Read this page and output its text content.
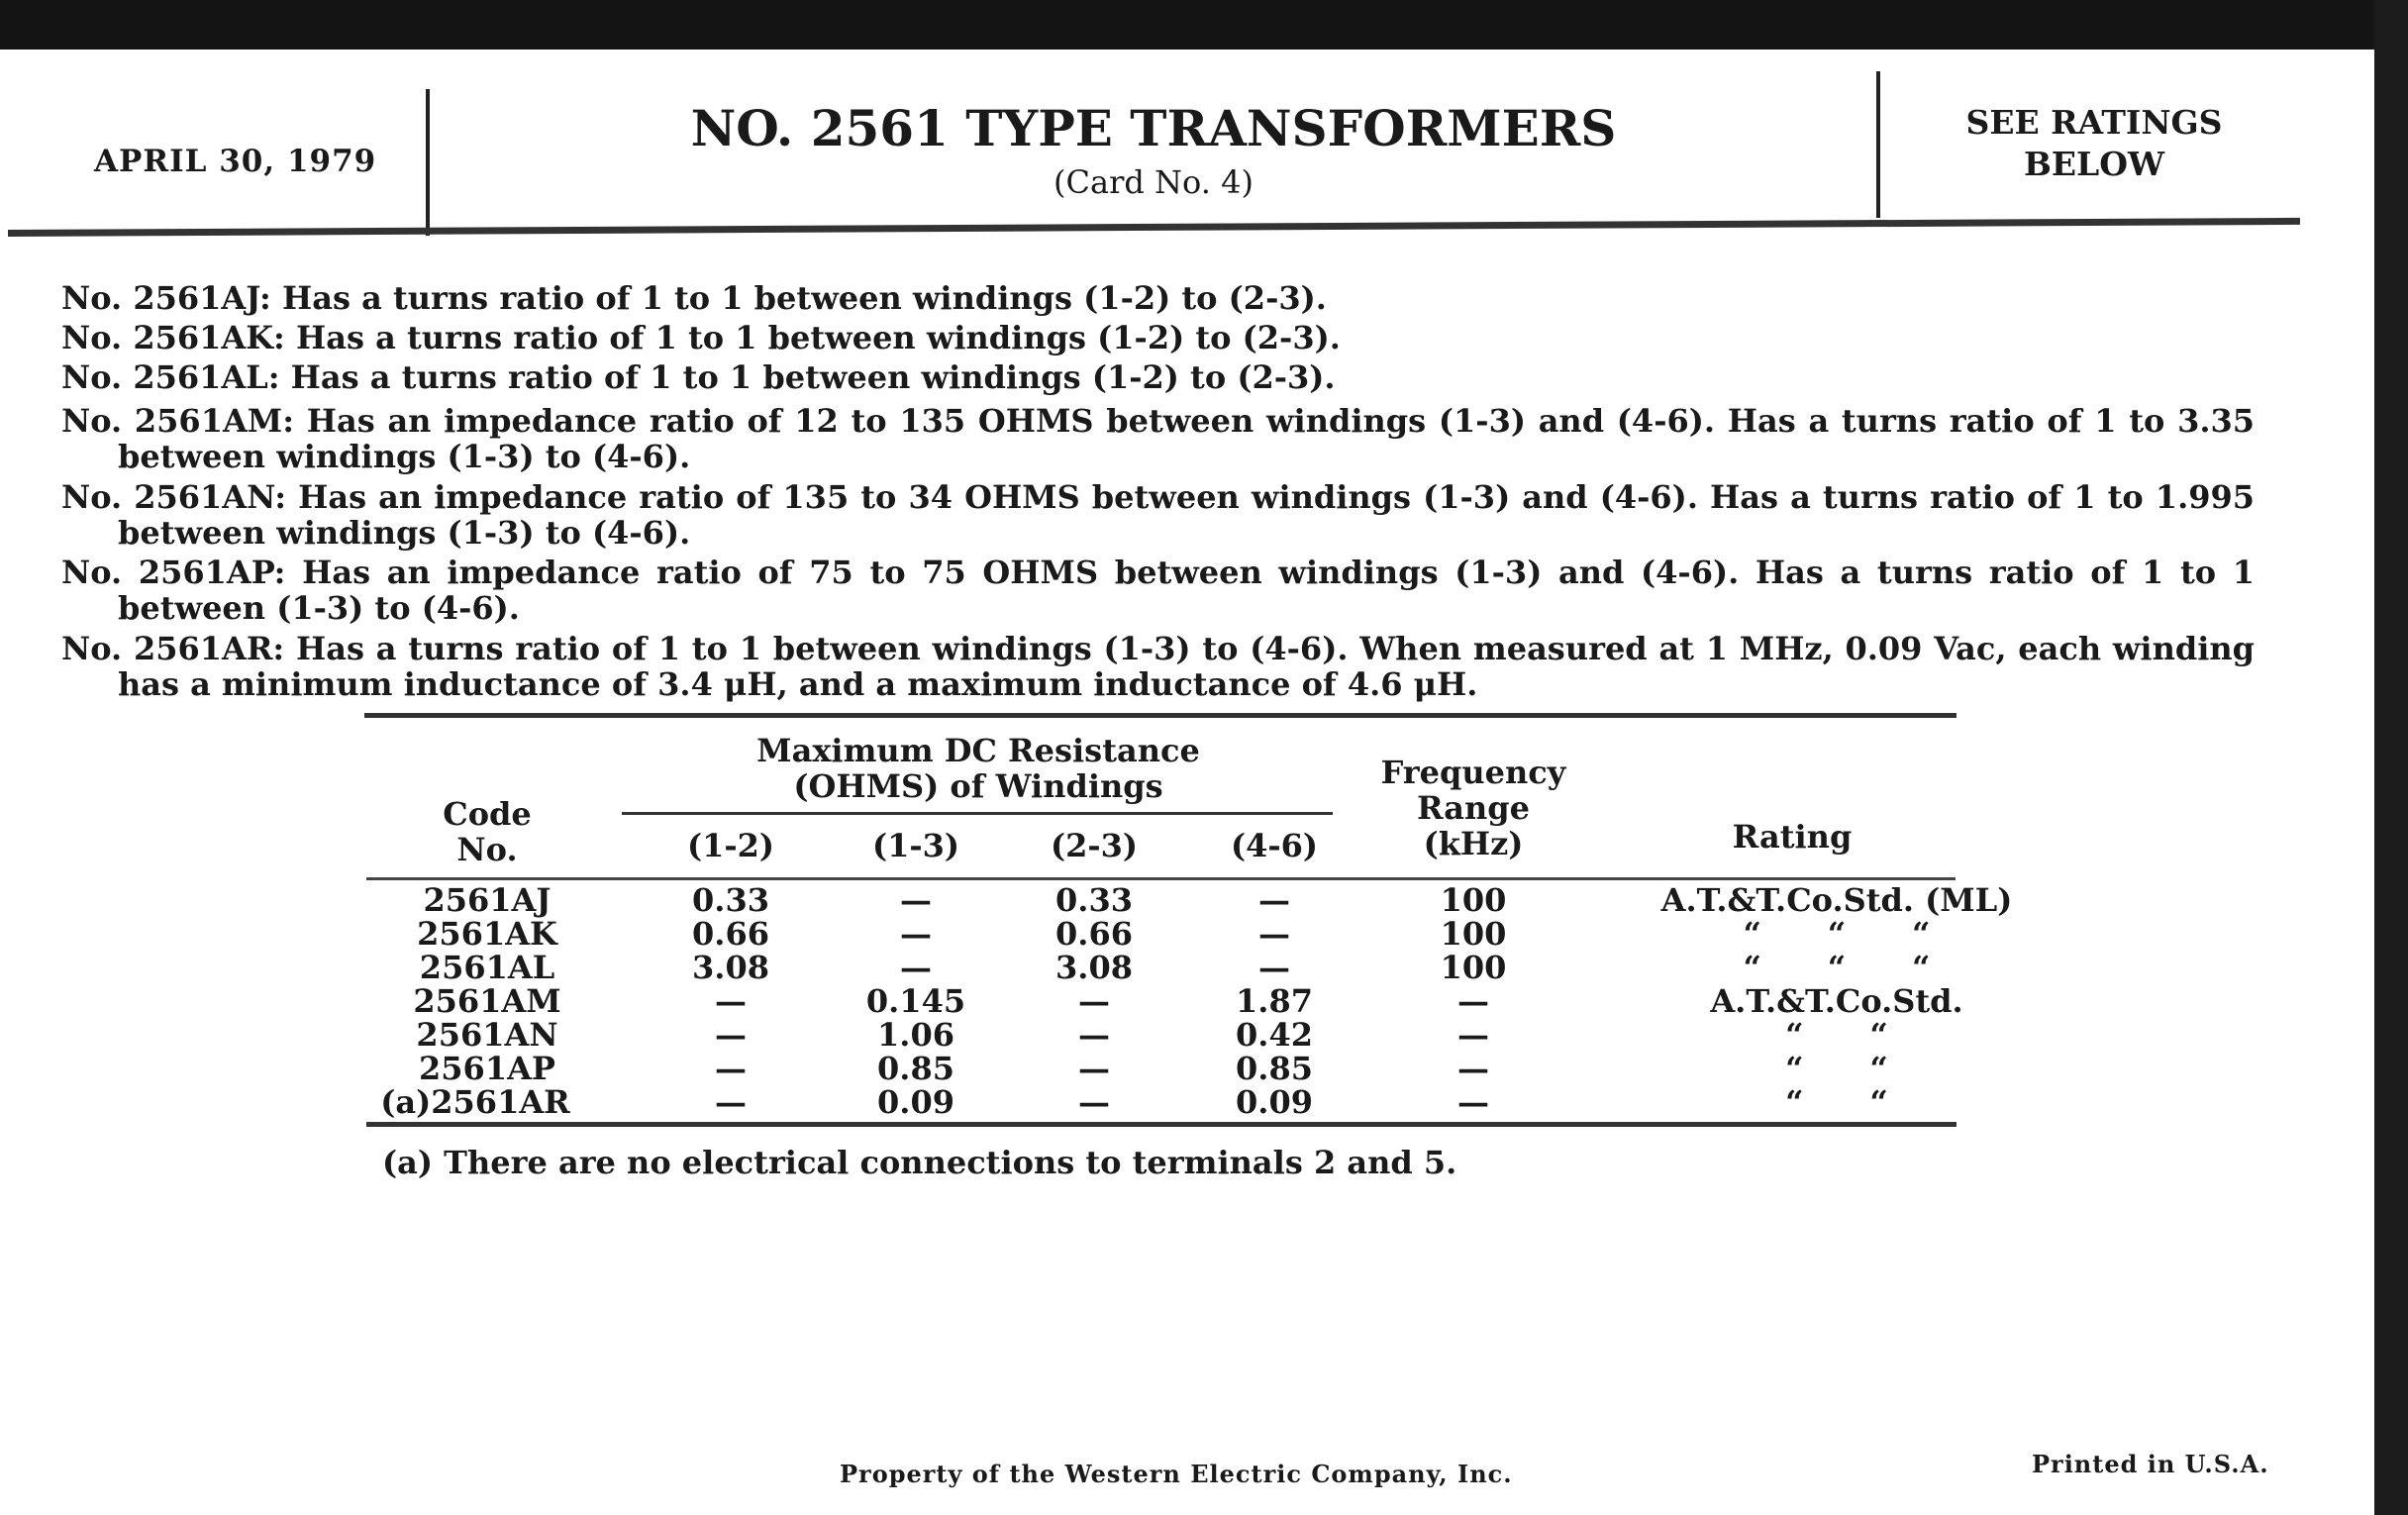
APRIL 30, 1979
NO. 2561 TYPE TRANSFORMERS
(Card No. 4)
SEE RATINGS
BELOW
No. 2561AJ: Has a turns ratio of 1 to 1 between windings (1-2) to (2-3).
No. 2561AK: Has a turns ratio of 1 to 1 between windings (1-2) to (2-3).
No. 2561AL: Has a turns ratio of 1 to 1 between windings (1-2) to (2-3).
No. 2561AM: Has an impedance ratio of 12 to 135 OHMS between windings (1-3) and (4-6). Has a turns ratio of 1 to 3.35 between windings (1-3) to (4-6).
No. 2561AN: Has an impedance ratio of 135 to 34 OHMS between windings (1-3) and (4-6). Has a turns ratio of 1 to 1.995 between windings (1-3) to (4-6).
No. 2561AP: Has an impedance ratio of 75 to 75 OHMS between windings (1-3) and (4-6). Has a turns ratio of 1 to 1 between (1-3) to (4-6).
No. 2561AR: Has a turns ratio of 1 to 1 between windings (1-3) to (4-6). When measured at 1 MHz, 0.09 Vac, each winding has a minimum inductance of 3.4 μH, and a maximum inductance of 4.6 μH.
Maximum DC Resistance
(OHMS) of Windings
Code
No.	(1-2)	(1-3)	(2-3)	(4-6)
Frequency
Range
(kHz)	Rating
2561AJ	0.33	—	0.33	—	100	A.T.&T.Co.Std. (ML)
2561AK	0.66	—	0.66	—	100	“      “      “
2561AL	3.08	—	3.08	—	100	“      “      “
2561AM	—	0.145	—	1.87	—	A.T.&T.Co.Std.
2561AN	—	1.06	—	0.42	—	“      “
2561AP	—	0.85	—	0.85	—	“      “
(a)2561AR	—	0.09	—	0.09	—	“      “
(a) There are no electrical connections to terminals 2 and 5.
Property of the Western Electric Company, Inc.	Printed in U.S.A.
